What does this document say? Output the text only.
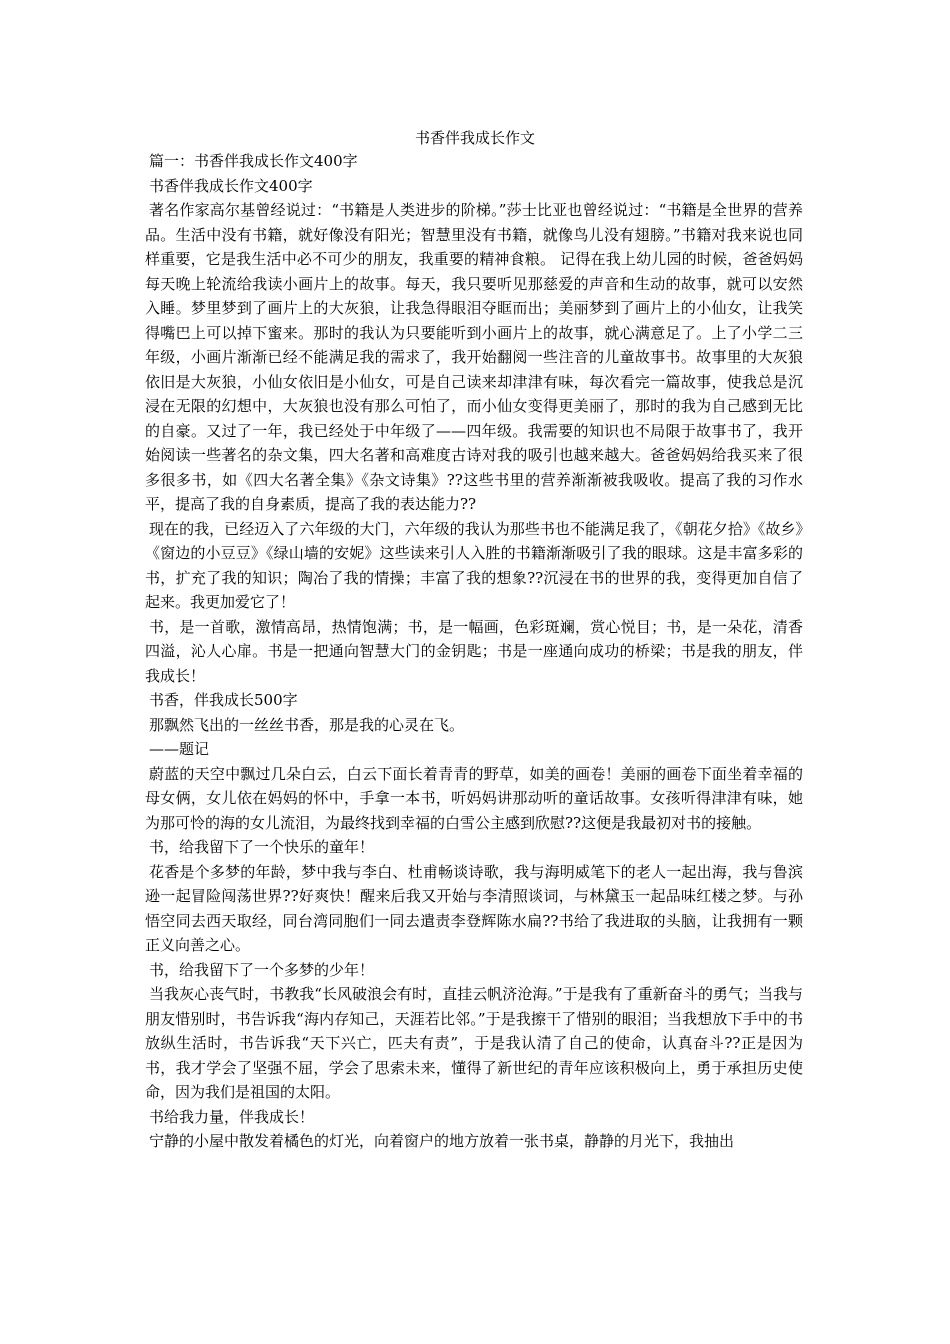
书香伴我成长作文

篇一：书香伴我成长作文400字

书香伴我成长作文400字

著名作家高尔基曾经说过：“书籍是人类进步的阶梯。”莎士比亚也曾经说过：“书籍是全世界的营养品。生活中没有书籍，就好像没有阳光；智慧里没有书籍，就像鸟儿没有翅膀。”书籍对我来说也同样重要，它是我生活中必不可少的朋友，我重要的精神食粮。 记得在我上幼儿园的时候，爸爸妈妈每天晚上轮流给我读小画片上的故事。每天，我只要听见那慈爱的声音和生动的故事，就可以安然入睡。梦里梦到了画片上的大灰狼，让我急得眼泪夺眶而出；美丽梦到了画片上的小仙女，让我笑得嘴巴上可以掉下蜜来。那时的我认为只要能听到小画片上的故事，就心满意足了。上了小学二三年级，小画片渐渐已经不能满足我的需求了，我开始翻阅一些注音的儿童故事书。故事里的大灰狼依旧是大灰狼，小仙女依旧是小仙女，可是自己读来却津津有味，每次看完一篇故事，使我总是沉浸在无限的幻想中，大灰狼也没有那么可怕了，而小仙女变得更美丽了，那时的我为自己感到无比的自豪。又过了一年，我已经处于中年级了——四年级。我需要的知识也不局限于故事书了，我开始阅读一些著名的杂文集，四大名著和高难度古诗对我的吸引也越来越大。爸爸妈妈给我买来了很多很多书，如《四大名著全集》《杂文诗集》??这些书里的营养渐渐被我吸收。提高了我的习作水平，提高了我的自身素质，提高了我的表达能力??

现在的我，已经迈入了六年级的大门，六年级的我认为那些书也不能满足我了，《朝花夕拾》《故乡》《窗边的小豆豆》《绿山墙的安妮》这些读来引人入胜的书籍渐渐吸引了我的眼球。这是丰富多彩的书，扩充了我的知识；陶冶了我的情操；丰富了我的想象??沉浸在书的世界的我，变得更加自信了起来。我更加爱它了！

书，是一首歌，激情高昂，热情饱满；书，是一幅画，色彩斑斓，赏心悦目；书，是一朵花，清香四溢，沁人心扉。书是一把通向智慧大门的金钥匙；书是一座通向成功的桥梁；书是我的朋友，伴我成长！

书香，伴我成长500字

那飘然飞出的一丝丝书香，那是我的心灵在飞。

——题记

蔚蓝的天空中飘过几朵白云，白云下面长着青青的野草，如美的画卷！美丽的画卷下面坐着幸福的母女俩，女儿依在妈妈的怀中，手拿一本书，听妈妈讲那动听的童话故事。女孩听得津津有味，她为那可怜的海的女儿流泪，为最终找到幸福的白雪公主感到欣慰??这便是我最初对书的接触。

书，给我留下了一个快乐的童年！

花香是个多梦的年龄，梦中我与李白、杜甫畅谈诗歌，我与海明威笔下的老人一起出海，我与鲁滨逊一起冒险闯荡世界??好爽快！醒来后我又开始与李清照谈词，与林黛玉一起品味红楼之梦。与孙悟空同去西天取经，同台湾同胞们一同去遣责李登辉陈水扁??书给了我进取的头脑，让我拥有一颗正义向善之心。

书，给我留下了一个多梦的少年！

当我灰心丧气时，书教我“长风破浪会有时，直挂云帆济沧海。”于是我有了重新奋斗的勇气；当我与朋友惜别时，书告诉我“海内存知己，天涯若比邻。”于是我擦干了惜别的眼泪；当我想放下手中的书放纵生活时，书告诉我“天下兴亡，匹夫有责”，于是我认清了自己的使命，认真奋斗??正是因为书，我才学会了坚强不屈，学会了思索未来，懂得了新世纪的青年应该积极向上，勇于承担历史使命，因为我们是祖国的太阳。

书给我力量，伴我成长！

宁静的小屋中散发着橘色的灯光，向着窗户的地方放着一张书桌，静静的月光下，我抽出
